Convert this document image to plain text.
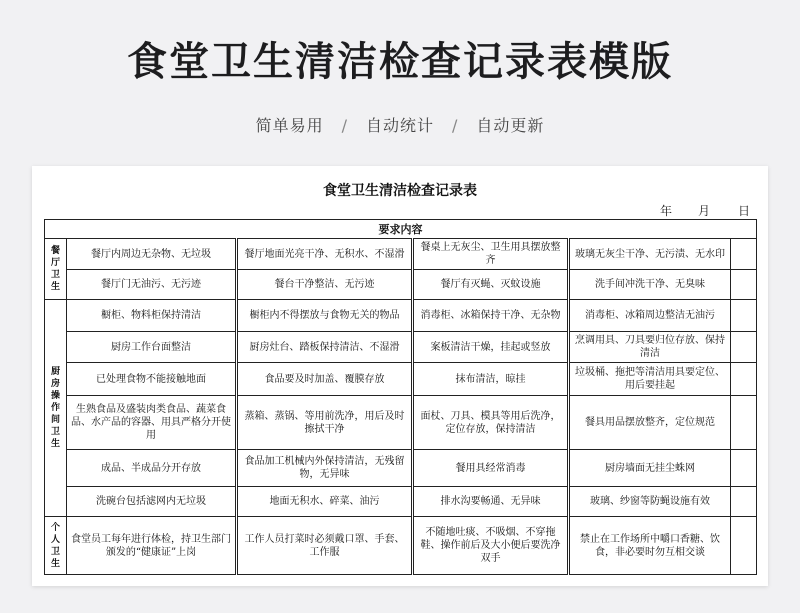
食堂卫生清洁检查记录表模版
简单易用 / 自动统计 / 自动更新
食堂卫生清洁检查记录表
年 月 日
要求内容					
餐厅卫生	餐厅内周边无杂物、无垃圾	餐厅地面光亮干净、无积水、不湿滑	餐桌上无灰尘、卫生用具摆放整齐	玻璃无灰尘干净、无污渍、无水印	
	餐厅门无油污、无污迹	餐台干净整洁、无污迹	餐厅有灭蝇、灭蚊设施	洗手间冲洗干净、无臭味	
厨房操作间卫生	橱柜、物料柜保持清洁	橱柜内不得摆放与食物无关的物品	消毒柜、冰箱保持干净、无杂物	消毒柜、冰箱周边整洁无油污	
	厨房工作台面整洁	厨房灶台、踏板保持清洁、不湿滑	案板清洁干燥，挂起或竖放	烹调用具、刀具要归位存放、保持清洁	
	已处理食物不能接触地面	食品要及时加盖、覆膜存放	抹布清洁，晾挂	垃圾桶、拖把等清洁用具要定位、用后要挂起	
	生熟食品及盛装肉类食品、蔬菜食品、水产品的容器、用具严格分开使用	蒸箱、蒸锅、等用前洗净，用后及时擦拭干净	面杖、刀具、模具等用后洗净，定位存放，保持清洁	餐具用品摆放整齐，定位规范	
	成品、半成品分开存放	食品加工机械内外保持清洁，无残留物，无异味	餐用具经常消毒	厨房墙面无挂尘蛛网	
	洗碗台包括滤网内无垃圾	地面无积水、碎菜、油污	排水沟要畅通、无异味	玻璃、纱窗等防蝇设施有效	
个人卫生	食堂员工每年进行体检，持卫生部门颁发的“健康证”上岗	工作人员打菜时必须戴口罩、手套、工作服	不随地吐痰、不吸烟、不穿拖鞋、操作前后及大小便后要洗净双手	禁止在工作场所中嚼口香糖、饮食，非必要时勿互相交谈	
